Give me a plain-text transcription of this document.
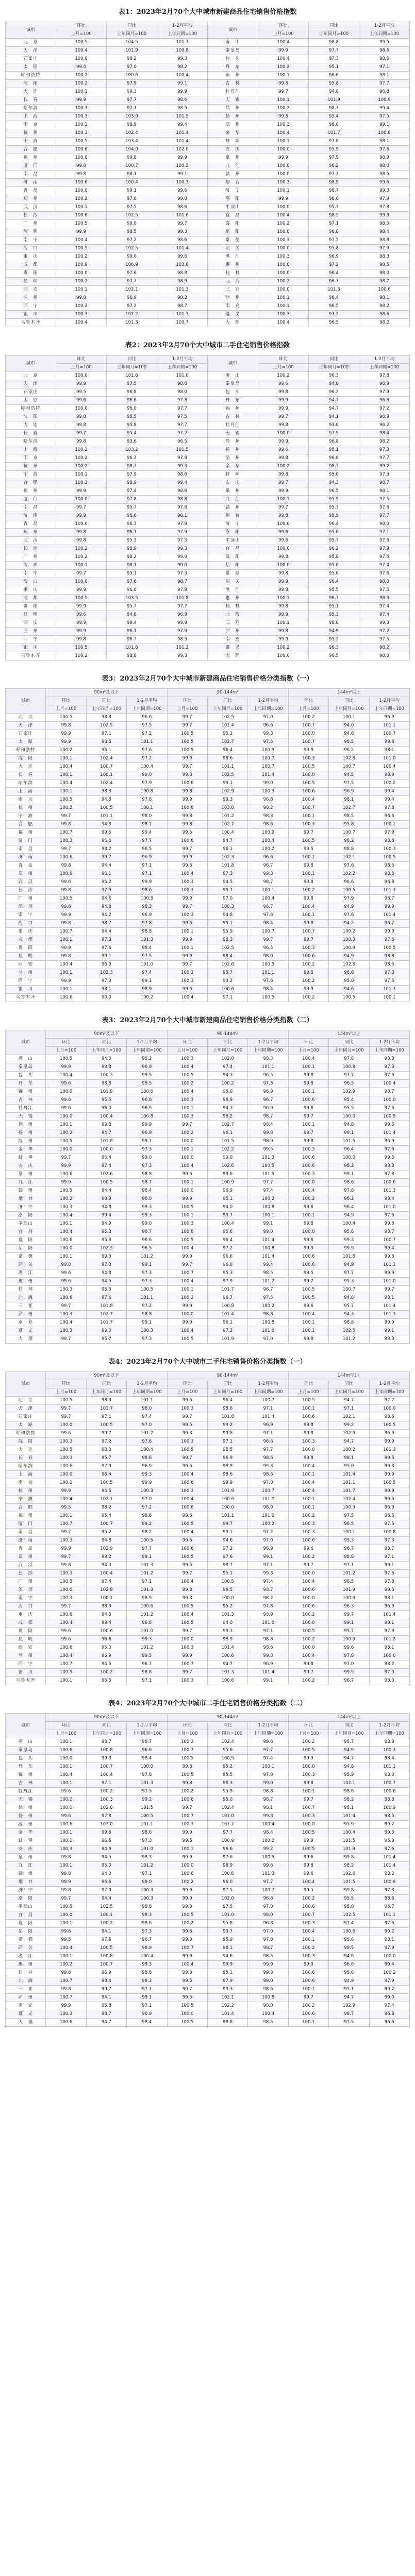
表1：2023年2月70个大中城市新建商品住宅销售价格指数
城市	环比	同比	1-2月平均	城市	环比	同比	1-2月平均
	上月=100	上年同月=100	上年同期=100		上月=100	上年同月=100	上年同期=100
北　京	100.5	104.5	101.7	唐　山	100.4	98.8	99.5
天　津	100.4	101.9	100.8	秦皇岛	99.9	97.7	98.6
石家庄	100.0	98.2	99.3	包　头	100.4	97.3	98.6
太　原	99.4	97.0	98.2	丹　东	100.2	95.1	97.1
呼和浩特	100.2	100.6	100.4	锦　州	100.1	96.6	98.1
沈　阳	100.2	97.9	99.1	吉　林	99.8	95.8	97.7
大　连	100.1	99.3	99.9	牡丹江	99.7	94.8	96.8
长　春	99.9	97.7	98.6	无　锡	100.1	101.9	100.9
哈尔滨	100.3	97.1	98.5	徐　州	100.2	98.7	99.4
上　海	100.3	103.9	101.5	扬　州	99.8	95.4	97.5
南　京	100.1	98.9	99.4	温　州	100.3	98.6	99.1
杭　州	100.3	102.4	101.4	金　华	100.4	101.7	100.8
宁　波	100.5	103.4	101.4	蚌　埠	100.1	97.0	98.1
合　肥	100.6	104.9	102.0	安　庆	100.0	95.9	97.6
福　州	100.0	99.8	99.9	泉　州	99.9	97.9	98.9
厦　门	99.8	100.7	100.2	九　江	100.0	96.2	98.0
南　昌	99.8	98.1	99.1	赣　州	100.0	97.3	98.5
济　南	100.6	100.4	100.3	烟　台	100.3	98.9	99.6
青　岛	100.0	99.1	99.6	济　宁	100.1	98.7	99.3
郑　州	100.2	97.6	99.0	洛　阳	99.9	96.0	97.9
武　汉	100.1	97.5	98.6	平顶山	100.0	95.7	97.8
长　沙	100.6	102.5	101.6	宜　昌	100.4	98.5	99.3
广　州	100.5	99.0	99.7	襄　阳	100.2	97.1	98.5
深　圳	99.9	98.5	99.3	岳　阳	100.0	96.8	98.4
南　宁	100.4	97.2	98.6	常　德	100.3	97.5	98.8
海　口	100.5	102.5	101.4	韶　关	100.0	95.8	97.9
重　庆	100.2	99.0	99.6	湛　江	100.3	96.9	98.3
成　都	100.9	106.9	103.8	惠　州	100.0	97.2	98.5
贵　阳	100.0	97.6	98.8	桂　林	100.0	96.4	98.0
昆　明	100.2	97.7	98.9	北　海	100.2	96.7	98.2
西　安	100.1	102.1	101.3	三　亚	100.0	101.3	100.6
兰　州	99.8	96.9	98.2	泸　州	100.1	96.4	98.1
西　宁	100.2	97.2	98.7	南　充	100.1	96.5	98.2
银　川	100.3	102.2	101.3	遵　义	100.3	97.2	98.6
乌鲁木齐	100.4	101.3	100.7	大　理	100.4	96.5	98.2
表2：2023年2月70个大中城市二手住宅销售价格指数
城市	环比	同比	1-2月平均	城市	环比	同比	1-2月平均
	上月=100	上年同月=100	上年同期=100		上月=100	上年同月=100	上年同期=100
北　京	100.0	101.6	101.0	唐　山	100.2	96.3	97.8
天　津	99.9	97.5	98.6	秦皇岛	99.6	94.8	96.9
石家庄	99.5	96.8	98.0	包　头	99.8	96.2	97.9
太　原	99.6	96.6	97.8	丹　东	99.9	94.7	96.8
呼和浩特	100.0	96.0	97.7	锦　州	99.9	94.7	97.2
沈　阳	99.8	95.5	97.5	吉　林	99.7	94.1	96.9
大　连	99.8	95.8	97.7	牡丹江	99.8	93.0	96.2
长　春	99.7	95.4	97.2	无　锡	100.0	97.5	98.4
哈尔滨	99.8	93.6	96.5	徐　州	99.9	96.8	98.2
上　海	100.2	103.2	101.5	扬　州	99.6	95.1	97.3
南　京	100.2	96.3	97.8	温　州	99.8	96.0	97.7
杭　州	100.2	98.7	99.3	金　华	100.2	98.7	99.2
宁　波	100.1	97.9	98.6	蚌　埠	99.8	95.0	97.3
合　肥	100.3	98.9	99.4	安　庆	99.7	94.3	96.7
福　州	99.9	97.4	98.6	泉　州	99.9	96.5	98.1
厦　门	100.0	97.8	98.8	九　江	100.1	95.5	97.5
南　昌	99.7	95.7	97.6	赣　州	99.7	95.7	97.6
济　南	99.9	96.6	98.1	烟　台	99.8	95.9	97.7
青　岛	100.0	96.3	97.9	济　宁	100.0	96.4	98.0
郑　州	99.8	96.1	97.9	洛　阳	99.6	95.0	97.1
武　汉	99.8	95.3	97.5	平顶山	99.6	95.7	97.6
长　沙	100.2	98.9	99.3	宜　昌	100.0	96.2	97.9
广　州	100.2	98.2	99.0	襄　阳	99.8	95.8	97.6
深　圳	100.1	98.1	99.0	岳　阳	100.0	95.0	97.4
南　宁	99.7	95.1	97.3	常　德	99.8	95.6	97.6
海　口	100.0	97.6	98.7	韶　关	99.9	96.4	98.0
重　庆	99.9	96.0	97.9	湛　江	99.8	95.5	97.5
成　都	100.5	103.5	101.8	惠　州	100.1	96.7	98.3
贵　阳	99.9	95.7	97.7	桂　林	99.8	95.1	97.4
昆　明	99.6	94.8	96.9	北　海	99.9	95.3	97.4
西　安	99.9	99.4	99.9	三　亚	100.1	98.8	99.3
兰　州	99.9	96.1	97.9	泸　州	99.8	94.9	97.2
西　宁	99.8	96.7	98.3	南　充	99.9	95.2	97.5
银　川	100.5	101.6	101.2	遵　义	100.2	96.3	98.2
乌鲁木齐	100.2	98.8	99.3	大　理	100.0	96.5	98.0
表3：2023年2月70个大中城市新建商品住宅销售价格分类指数（一）
城市	90m²及以下			90-144m²			144m²以上		
	环比	同比	1-2月平均	环比	同比	1-2月平均	环比	同比	1-2月平均
	上月=100	上年同月=100	上年同期=100	上月=100	上年同月=100	上年同期=100	上月=100	上年同月=100	上年同期=100
北　京	100.5	98.8	96.6	99.7	102.5	97.0	100.2	100.1	96.9
天　津	99.8	102.5	97.5	99.7	101.4	96.6	100.7	94.0	101.1
石家庄	99.9	97.1	97.2	100.5	95.1	99.3	100.0	94.6	100.7
太　原	99.9	98.5	101.1	100.5	102.7	97.5	100.7	98.5	99.6
呼和浩特	100.2	96.1	97.6	100.5	96.4	100.9	99.9	96.2	98.1
沈　阳	100.1	102.4	97.2	99.9	98.6	100.7	100.3	102.8	101.0
大　连	100.4	100.7	100.4	99.7	101.1	100.7	100.5	100.7	100.4
长　春	100.1	100.1	99.0	99.8	102.5	101.4	100.0	94.5	98.9
哈尔滨	100.4	102.4	97.9	100.6	99.1	99.0	100.5	97.5	100.2
上　海	100.1	98.3	100.8	99.8	102.9	100.3	100.6	96.9	99.4
南　京	100.5	94.8	97.8	99.9	99.3	96.8	100.4	98.1	99.4
杭　州	100.2	100.5	100.1	100.6	103.0	98.2	100.7	102.7	97.6
宁　波	99.7	101.1	98.0	99.8	101.2	98.3	100.1	98.5	96.6
合　肥	99.8	94.8	98.7	99.8	102.7	98.6	100.3	95.8	100.1
福　州	100.7	99.5	99.4	99.5	100.4	100.9	99.7	100.7	97.9
厦　门	100.3	96.6	97.7	100.6	94.7	100.4	100.5	96.2	98.6
南　昌	99.7	98.2	96.5	99.7	96.1	100.2	99.5	98.8	100.3
济　南	100.6	99.7	96.9	99.9	102.3	96.6	100.1	102.1	100.5
青　岛	99.8	94.4	97.1	99.6	101.8	96.7	99.8	97.6	98.5
郑　州	100.6	96.1	97.1	100.4	97.3	99.3	100.1	102.2	98.5
武　汉	99.6	96.2	99.9	100.3	94.5	98.7	99.8	96.6	96.8
长　沙	99.8	97.9	98.6	100.3	99.7	100.1	100.2	100.5	101.3
广　州	100.5	94.6	100.3	99.9	97.0	100.4	99.8	97.9	96.7
深　圳	99.6	94.8	98.3	99.7	100.3	96.7	100.4	94.9	99.9
南　宁	99.9	94.2	96.9	100.3	94.8	97.6	100.1	97.6	101.4
海　口	99.8	98.7	97.8	99.6	99.1	98.4	99.8	94.2	96.7
重　庆	100.7	94.4	98.8	100.1	95.9	100.7	100.7	100.2	99.9
成　都	100.1	97.3	101.3	99.9	98.3	99.7	99.7	100.3	97.5
贵　阳	99.9	97.6	98.4	100.1	102.5	96.5	100.3	100.9	100.5
昆　明	99.8	99.1	97.5	99.9	98.4	98.0	100.6	94.9	98.8
西　安	100.4	96.9	101.0	99.7	102.6	100.5	100.2	102.3	98.5
兰　州	100.1	102.3	97.4	100.3	95.7	101.1	99.5	98.6	97.3
西　宁	99.9	97.3	99.1	100.3	94.2	97.6	100.2	95.0	97.5
银　川	100.1	98.1	98.9	99.6	100.6	98.4	99.9	94.6	101.3
乌鲁木齐	100.6	99.0	100.2	100.4	97.1	100.5	100.2	100.5	100.1
表3：2023年2月70个大中城市新建商品住宅销售价格分类指数（二）
城市	90m²及以下			90-144m²			144m²以上		
	环比	同比	1-2月平均	环比	同比	1-2月平均	环比	同比	1-2月平均
	上月=100	上年同月=100	上年同期=100	上月=100	上年同月=100	上年同期=100	上月=100	上年同月=100	上年同期=100
唐　山	100.5	94.0	98.2	100.3	102.0	98.3	100.4	97.6	98.8
秦皇岛	99.9	98.8	96.9	100.4	97.4	101.1	100.1	100.9	97.3
包　头	100.4	100.3	99.5	100.5	94.3	96.5	99.8	97.7	97.6
丹　东	99.6	98.6	99.5	100.2	100.2	97.3	99.8	96.5	100.4
锦　州	100.0	101.9	100.6	100.4	95.0	96.9	100.1	102.9	98.7
吉　林	99.6	95.5	96.8	100.3	98.9	96.7	100.6	95.4	100.0
牡丹江	99.6	96.0	96.9	100.1	94.3	96.9	99.6	95.5	97.6
无　锡	100.0	100.4	100.8	100.3	98.2	98.7	99.7	100.0	100.9
徐　州	100.1	99.8	99.9	99.7	102.7	98.4	100.1	94.8	99.5
扬　州	100.2	94.7	96.9	100.2	96.1	99.8	99.7	99.1	101.4
温　州	100.5	101.8	99.7	100.0	101.5	98.9	99.8	101.5	96.9
金　华	100.0	100.0	97.3	100.1	102.2	99.5	100.3	96.4	97.6
蚌　埠	99.7	96.4	99.0	100.0	99.0	101.3	100.6	100.0	99.5
安　庆	99.9	97.4	97.3	100.4	102.6	100.5	100.6	98.2	98.8
泉　州	100.6	102.6	98.8	99.6	99.6	101.5	100.3	99.1	97.8
九　江	99.9	100.5	98.7	100.1	100.9	97.7	100.0	98.6	100.6
赣　州	100.5	94.4	98.4	100.0	96.9	97.4	100.4	97.8	101.3
烟　台	100.2	98.9	98.0	99.9	95.1	100.2	100.2	98.2	98.4
济　宁	100.3	94.8	99.3	100.5	94.0	100.8	99.6	96.4	101.0
洛　阳	100.4	99.4	99.3	100.1	99.7	100.1	100.1	94.9	97.6
平顶山	100.1	94.9	99.0	100.3	100.4	99.1	99.8	100.4	99.6
宜　昌	100.4	95.3	98.7	100.6	95.6	99.0	100.0	95.6	98.7
襄　阳	100.6	95.9	96.6	100.5	96.4	101.4	99.6	99.3	100.7
岳　阳	100.0	102.3	96.5	100.4	97.2	100.8	99.9	99.9	99.4
常　德	100.1	99.3	101.2	99.9	96.6	101.4	100.6	101.8	99.6
韶　关	99.8	97.3	99.1	99.7	96.0	99.4	100.6	94.9	101.1
湛　江	99.6	94.8	97.3	100.7	95.3	98.5	99.5	97.7	99.9
惠　州	99.6	94.5	97.3	100.4	97.9	101.2	99.7	95.3	101.0
桂　林	100.3	95.3	100.5	100.1	101.7	96.7	100.5	100.7	99.7
北　海	100.6	97.6	101.1	100.2	96.7	97.5	100.5	94.8	98.1
三　亚	99.7	101.8	97.2	99.9	100.8	100.2	99.6	95.7	101.4
泸　州	100.3	102.7	98.8	100.0	101.4	98.8	100.4	94.3	101.3
南　充	100.4	101.7	99.1	99.9	96.1	100.8	100.1	98.8	99.9
遵　义	100.3	99.0	100.3	100.4	97.2	101.0	100.1	102.5	99.1
大　理	99.7	95.7	97.3	100.5	101.9	97.0	99.8	101.2	98.3
表4：2023年2月70个大中城市二手住宅销售价格分类指数（一）
城市	90m²及以下			90-144m²			144m²以上		
	环比	同比	1-2月平均	环比	同比	1-2月平均	环比	同比	1-2月平均
	上月=100	上年同月=100	上年同期=100	上月=100	上年同月=100	上年同期=100	上月=100	上年同月=100	上年同期=100
北　京	100.5	98.9	101.1	99.6	96.4	100.7	100.5	94.7	97.7
天　津	99.7	101.7	98.0	100.3	98.6	97.1	100.1	97.1	100.0
石家庄	99.7	97.1	97.4	99.7	101.8	101.4	100.6	102.1	98.6
太　原	100.0	100.5	97.0	99.5	99.2	96.9	99.8	99.2	100.5
呼和浩特	99.6	99.7	101.2	99.8	99.8	97.1	99.8	102.9	96.9
沈　阳	100.3	97.2	97.6	100.3	97.1	96.6	100.3	94.7	99.9
大　连	100.5	98.0	100.4	100.5	98.5	97.7	100.0	100.2	101.3
长　春	100.3	95.7	98.6	99.7	96.9	98.6	99.8	98.1	99.5
哈尔滨	100.6	97.9	96.9	99.6	98.9	99.3	100.4	95.0	99.8
上　海	100.0	96.4	99.3	100.4	98.6	98.6	100.1	101.4	99.9
南　京	100.2	100.5	99.9	100.6	99.9	97.0	100.4	101.1	100.5
杭　州	99.9	94.5	100.3	100.3	101.9	100.7	100.4	101.7	99.9
宁　波	100.4	102.1	97.0	100.4	100.6	101.0	100.1	102.4	99.6
合　肥	99.5	98.2	97.2	100.6	100.0	98.9	100.1	100.3	96.9
福　州	100.1	95.4	98.6	99.6	101.1	101.0	100.2	97.5	96.5
厦　门	100.7	100.7	99.2	100.5	99.7	100.2	100.3	96.5	97.5
南　昌	99.7	95.2	98.2	100.4	99.1	97.2	100.3	100.1	100.8
济　南	100.3	94.8	100.5	99.6	94.6	97.0	100.6	95.3	97.3
青　岛	99.9	102.9	97.7	100.6	97.2	96.9	99.6	96.7	98.7
郑　州	99.7	99.2	99.1	100.5	97.6	99.1	100.2	98.8	97.1
武　汉	99.8	94.3	101.3	99.5	98.7	97.1	99.7	97.1	99.1
长　沙	100.3	100.4	101.2	99.7	95.1	99.3	100.0	101.2	97.6
广　州	100.5	97.4	97.1	100.4	100.5	97.4	100.4	98.5	97.8
深　圳	100.0	102.8	101.3	99.8	96.5	98.7	100.6	101.9	99.5
南　宁	100.3	100.1	98.9	99.8	100.0	98.2	100.0	100.9	98.1
海　口	99.7	98.9	100.6	100.5	95.2	97.8	100.6	96.3	96.9
重　庆	100.6	94.5	101.2	100.4	101.3	98.9	100.2	99.7	101.4
成　都	100.4	99.4	96.8	100.5	94.0	101.0	100.0	99.1	99.1
贵　阳	99.6	100.6	101.0	99.7	99.3	97.1	100.5	95.7	97.9
昆　明	99.6	96.6	99.3	100.0	98.9	98.8	100.2	100.9	101.2
西　安	100.6	95.0	101.2	100.3	101.4	98.6	100.0	99.6	98.1
兰　州	100.4	96.9	99.5	99.9	100.6	99.8	100.4	97.8	100.0
西　宁	100.7	94.5	96.7	100.7	94.7	96.9	99.8	97.0	98.2
银　川	100.5	100.2	98.8	99.7	101.3	101.4	99.7	99.9	97.0
乌鲁木齐	100.1	96.5	97.1	100.3	100.6	99.1	100.2	96.7	98.0
表4：2023年2月70个大中城市二手住宅销售价格分类指数（二）
城市	90m²及以下			90-144m²			144m²以上		
	环比	同比	1-2月平均	环比	同比	1-2月平均	环比	同比	1-2月平均
	上月=100	上年同月=100	上年同期=100	上月=100	上年同月=100	上年同期=100	上月=100	上年同月=100	上年同期=100
唐　山	100.1	98.7	98.7	100.3	102.4	99.6	100.2	95.7	98.8
秦皇岛	100.6	100.8	96.6	100.7	95.6	97.7	100.5	94.9	100.3
包　头	100.0	99.3	98.4	100.5	100.5	97.4	99.9	94.7	98.4
丹　东	100.1	100.7	100.0	99.8	95.2	100.1	100.0	94.8	101.1
锦　州	100.4	100.4	97.8	100.5	95.5	97.8	100.3	95.9	98.0
吉　林	100.1	97.1	101.3	99.8	98.3	99.0	99.8	102.1	100.7
牡丹江	99.6	100.2	97.5	100.2	95.9	98.8	100.1	98.6	100.6
无　锡	100.2	100.3	99.2	100.6	95.0	98.7	99.7	98.2	98.8
徐　州	100.2	102.8	101.5	99.7	102.4	98.1	100.7	95.1	100.9
扬　州	99.6	97.8	100.5	100.7	101.0	99.8	100.3	101.4	98.5
温　州	100.6	103.0	101.1	100.3	101.7	100.4	100.0	95.9	99.7
金　华	100.1	99.5	98.6	99.9	97.7	98.4	100.5	100.4	99.3
蚌　埠	100.2	96.5	97.3	99.5	100.9	100.0	99.9	101.5	96.8
安　庆	100.3	94.9	101.0	100.1	96.6	99.2	100.5	101.9	97.6
泉　州	99.8	94.5	98.3	99.9	97.6	100.5	99.6	99.8	101.4
九　江	100.1	95.0	101.2	100.0	98.9	99.6	99.8	98.2	101.4
赣　州	99.8	94.0	97.1	100.6	100.6	101.3	99.6	102.6	98.2
烟　台	99.9	96.6	99.0	100.2	96.0	97.7	100.4	101.5	100.9
济　宁	99.8	97.9	100.3	99.9	97.5	100.7	99.5	99.8	97.3
洛　阳	99.7	94.4	100.3	99.9	102.0	96.8	100.2	95.5	98.6
平顶山	100.5	102.5	98.8	99.8	97.5	97.0	100.6	95.0	96.7
宜　昌	100.0	100.1	98.3	100.5	101.0	98.0	100.7	102.5	101.1
襄　阳	100.1	100.2	98.6	100.2	95.8	96.8	100.3	97.4	97.6
岳　阳	99.6	94.1	97.3	99.6	99.7	97.0	100.4	100.6	99.2
常　德	99.5	97.5	96.7	99.9	95.9	97.0	100.1	98.6	98.1
韶　关	100.4	100.5	98.9	100.7	98.1	98.7	100.2	99.5	97.9
湛　江	100.1	100.8	100.4	99.9	94.6	98.5	100.3	94.6	100.0
惠　州	100.2	100.7	99.3	100.4	99.9	99.9	99.9	96.6	99.4
桂　林	99.6	96.9	98.8	99.8	95.1	99.3	100.6	98.6	100.2
北　海	100.7	98.4	98.3	99.5	97.9	99.0	100.6	94.9	97.9
三　亚	99.8	99.7	97.1	99.7	99.3	98.6	100.7	95.1	99.7
泸　州	100.7	94.1	99.1	99.5	102.1	100.8	99.7	94.7	99.0
南　充	99.9	95.8	97.1	100.5	102.2	98.0	100.2	102.9	97.4
遵　义	100.3	98.7	96.9	100.0	101.4	100.4	100.6	98.7	96.8
大　理	100.6	94.7	98.4	100.5	98.8	98.5	100.1	97.5	96.6
